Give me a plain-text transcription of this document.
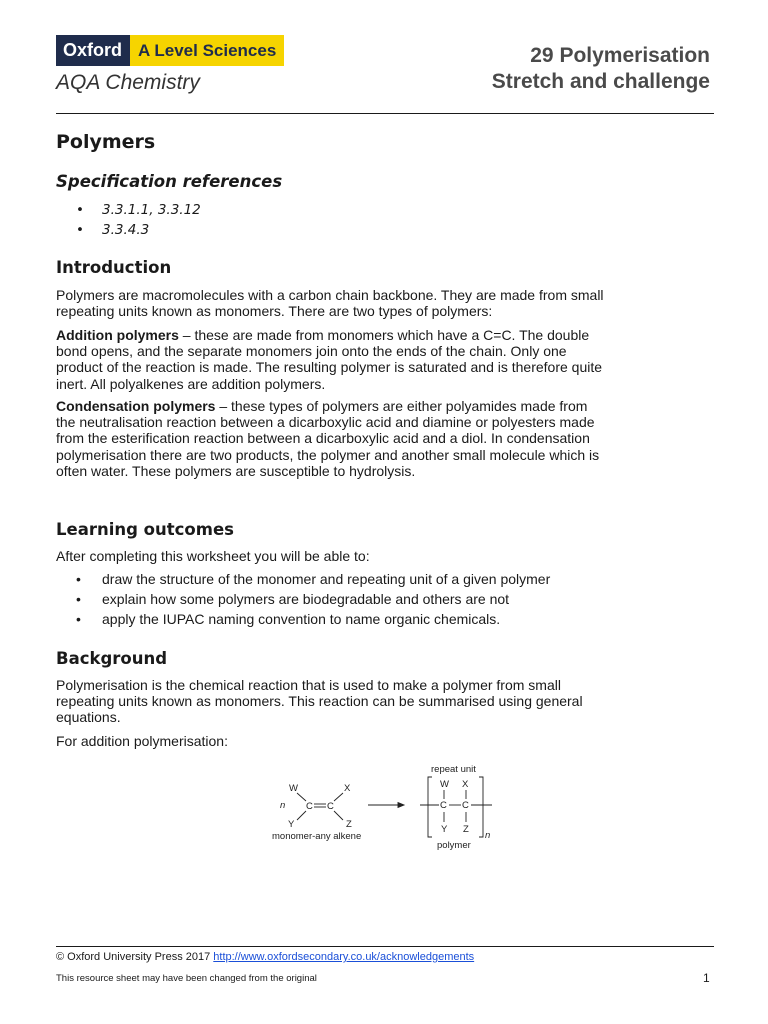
Oxford A Level Sciences
AQA Chemistry
29 Polymerisation
Stretch and challenge
Polymers
Specification references
• 3.3.1.1, 3.3.12
• 3.3.4.3
Introduction
Polymers are macromolecules with a carbon chain backbone. They are made from small repeating units known as monomers. There are two types of polymers:
Addition polymers – these are made from monomers which have a C=C. The double bond opens, and the separate monomers join onto the ends of the chain. Only one product of the reaction is made. The resulting polymer is saturated and is therefore quite inert. All polyalkenes are addition polymers.
Condensation polymers – these types of polymers are either polyamides made from the neutralisation reaction between a dicarboxylic acid and diamine or polyesters made from the esterification reaction between a dicarboxylic acid and a diol. In condensation polymerisation there are two products, the polymer and another small molecule which is often water. These polymers are susceptible to hydrolysis.
Learning outcomes
After completing this worksheet you will be able to:
• draw the structure of the monomer and repeating unit of a given polymer
• explain how some polymers are biodegradable and others are not
• apply the IUPAC naming convention to name organic chemicals.
Background
Polymerisation is the chemical reaction that is used to make a polymer from small repeating units known as monomers. This reaction can be summarised using general equations.
For addition polymerisation:
n
W	X
C C
Y	Z
monomer-any alkene
repeat unit
W X
C C
Y Z
n
polymer
© Oxford University Press 2017 http://www.oxfordsecondary.co.uk/acknowledgements
This resource sheet may have been changed from the original	1
